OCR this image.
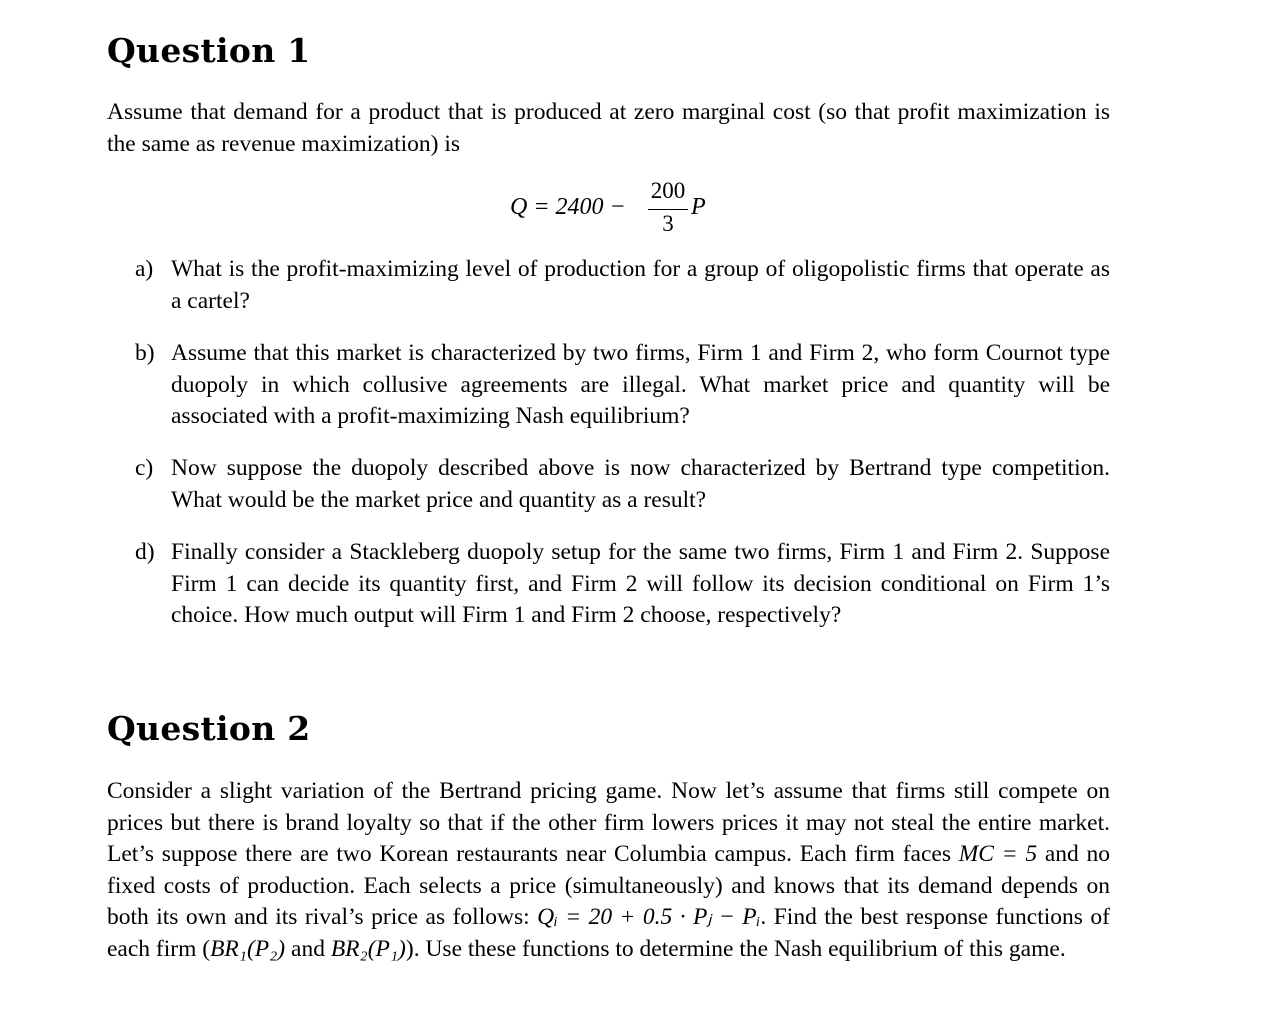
Question 1

Assume that demand for a product that is produced at zero marginal cost (so that profit maximization is the same as revenue maximization) is

Q = 2400 −
200
3
P
a) What is the profit-maximizing level of production for a group of oligopolistic firms that operate as a cartel?
b) Assume that this market is characterized by two firms, Firm 1 and Firm 2, who form Cournot type duopoly in which collusive agreements are illegal. What market price and quantity will be associated with a profit-maximizing Nash equilibrium?
c) Now suppose the duopoly described above is now characterized by Bertrand type competition. What would be the market price and quantity as a result?
d) Finally consider a Stackleberg duopoly setup for the same two firms, Firm 1 and Firm 2. Suppose Firm 1 can decide its quantity first, and Firm 2 will follow its decision conditional on Firm 1’s choice. How much output will Firm 1 and Firm 2 choose, respectively?
Question 2

Consider a slight variation of the Bertrand pricing game. Now let’s assume that firms still compete on prices but there is brand loyalty so that if the other firm lowers prices it may not steal the entire market. Let’s suppose there are two Korean restaurants near Columbia campus. Each firm faces MC = 5 and no fixed costs of production. Each selects a price (simultaneously) and knows that its demand depends on both its own and its rival’s price as follows: Qᵢ = 20 + 0.5 · Pⱼ − Pᵢ. Find the best response functions of each firm (BR₁(P₂) and BR₂(P₁)). Use these functions to determine the Nash equilibrium of this game.
